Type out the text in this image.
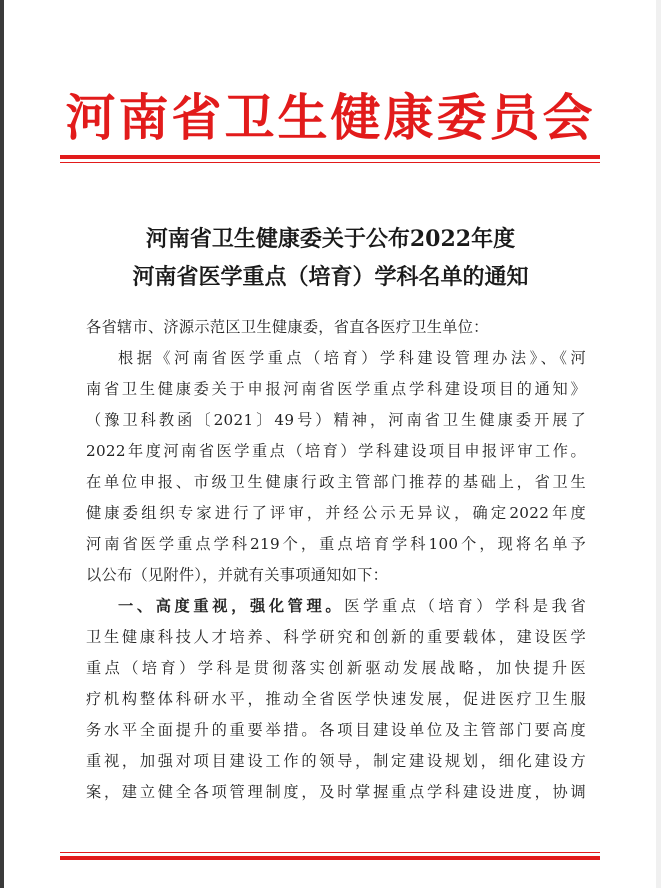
河南省卫生健康委员会
河南省卫生健康委关于公布2022年度
河南省医学重点（培育）学科名单的通知
各省辖市、济源示范区卫生健康委，省直各医疗卫生单位：
根据《河南省医学重点（培育）学科建设管理办法》、《河
南省卫生健康委关于申报河南省医学重点学科建设项目的通知》
（豫卫科教函〔2021〕49号）精神，河南省卫生健康委开展了
2022年度河南省医学重点（培育）学科建设项目申报评审工作。
在单位申报、市级卫生健康行政主管部门推荐的基础上，省卫生
健康委组织专家进行了评审，并经公示无异议，确定2022年度
河南省医学重点学科219个，重点培育学科100个，现将名单予
以公布（见附件），并就有关事项通知如下：
一、高度重视，强化管理。医学重点（培育）学科是我省
卫生健康科技人才培养、科学研究和创新的重要载体，建设医学
重点（培育）学科是贯彻落实创新驱动发展战略，加快提升医
疗机构整体科研水平，推动全省医学快速发展，促进医疗卫生服
务水平全面提升的重要举措。各项目建设单位及主管部门要高度
重视，加强对项目建设工作的领导，制定建设规划，细化建设方
案，建立健全各项管理制度，及时掌握重点学科建设进度，协调
